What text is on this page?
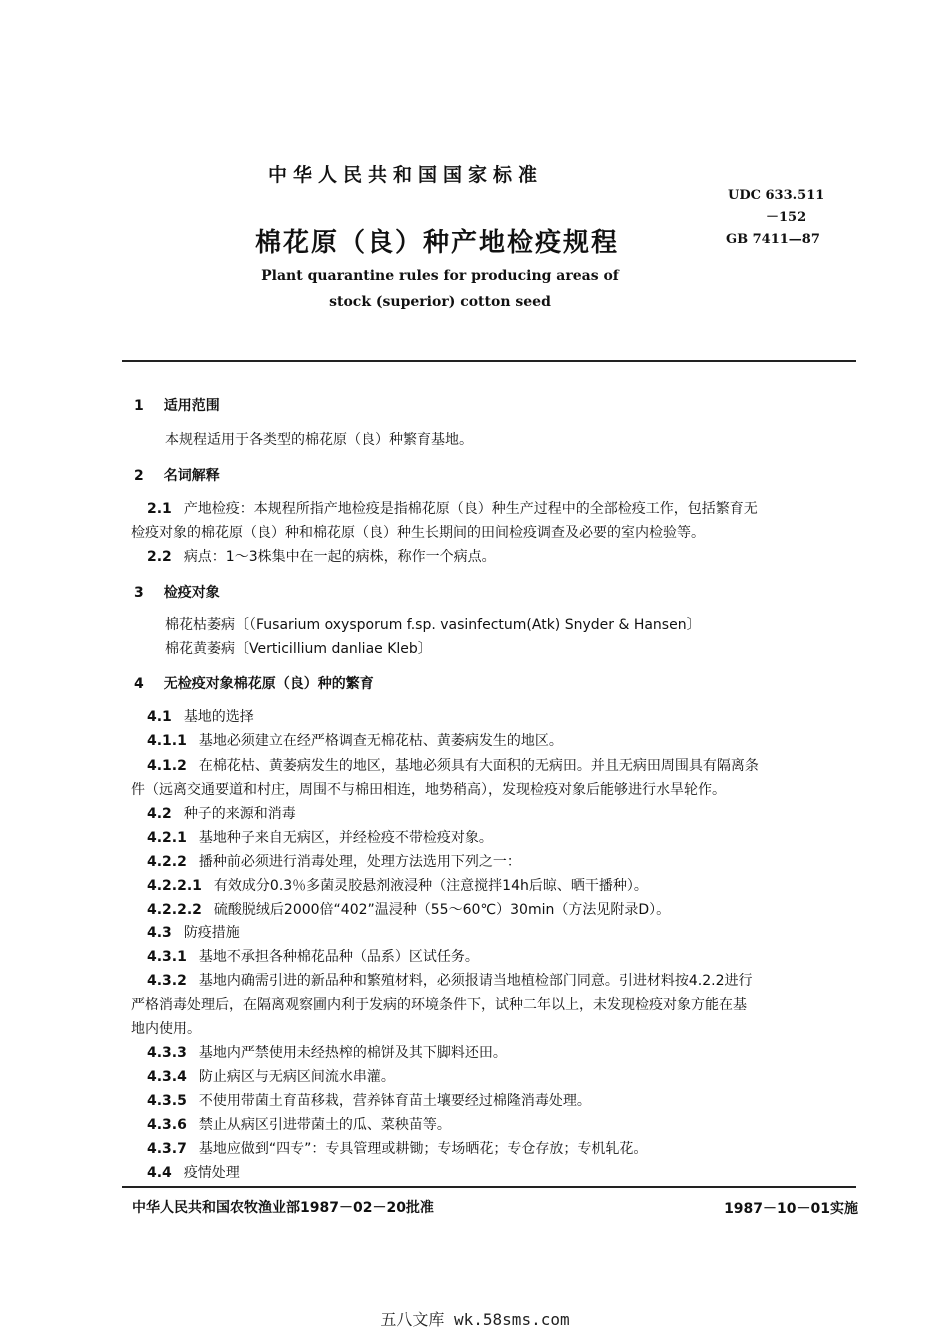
中华人民共和国国家标准
UDC 633.511
－152
棉花原（良）种产地检疫规程	GB 7411—87
Plant quarantine rules for producing areas of
stock (superior) cotton seed
1 适用范围
本规程适用于各类型的棉花原（良）种繁育基地。
2 名词解释
2.1 产地检疫：本规程所指产地检疫是指棉花原（良）种生产过程中的全部检疫工作，包括繁育无
检疫对象的棉花原（良）种和棉花原（良）种生长期间的田间检疫调查及必要的室内检验等。
2.2 病点：1～3株集中在一起的病株，称作一个病点。
3 检疫对象
棉花枯萎病〔（Fusarium oxysporum f.sp. vasinfectum(Atk) Snyder & Hansen〕
棉花黄萎病〔Verticillium danliae Kleb〕
4 无检疫对象棉花原（良）种的繁育
4.1 基地的选择
4.1.1 基地必须建立在经严格调查无棉花枯、黄萎病发生的地区。
4.1.2 在棉花枯、黄萎病发生的地区，基地必须具有大面积的无病田。并且无病田周围具有隔离条
件（远离交通要道和村庄，周围不与棉田相连，地势稍高），发现检疫对象后能够进行水旱轮作。
4.2 种子的来源和消毒
4.2.1 基地种子来自无病区，并经检疫不带检疫对象。
4.2.2 播种前必须进行消毒处理，处理方法选用下列之一：
4.2.2.1 有效成分0.3％多菌灵胶悬剂液浸种（注意搅拌14h后晾、晒干播种）。
4.2.2.2 硫酸脱绒后2000倍“402”温浸种（55～60℃）30min（方法见附录D）。
4.3 防疫措施
4.3.1 基地不承担各种棉花品种（品系）区试任务。
4.3.2 基地内确需引进的新品种和繁殖材料，必须报请当地植检部门同意。引进材料按4.2.2进行
严格消毒处理后，在隔离观察圃内利于发病的环境条件下，试种二年以上，未发现检疫对象方能在基
地内使用。
4.3.3 基地内严禁使用未经热榨的棉饼及其下脚料还田。
4.3.4 防止病区与无病区间流水串灌。
4.3.5 不使用带菌土育苗移栽，营养钵育苗土壤要经过棉隆消毒处理。
4.3.6 禁止从病区引进带菌土的瓜、菜秧苗等。
4.3.7 基地应做到“四专”：专具管理或耕锄；专场晒花；专仓存放；专机轧花。
4.4 疫情处理
中华人民共和国农牧渔业部1987－02－20批准	1987－10－01实施
五八文库 wk.58sms.com
